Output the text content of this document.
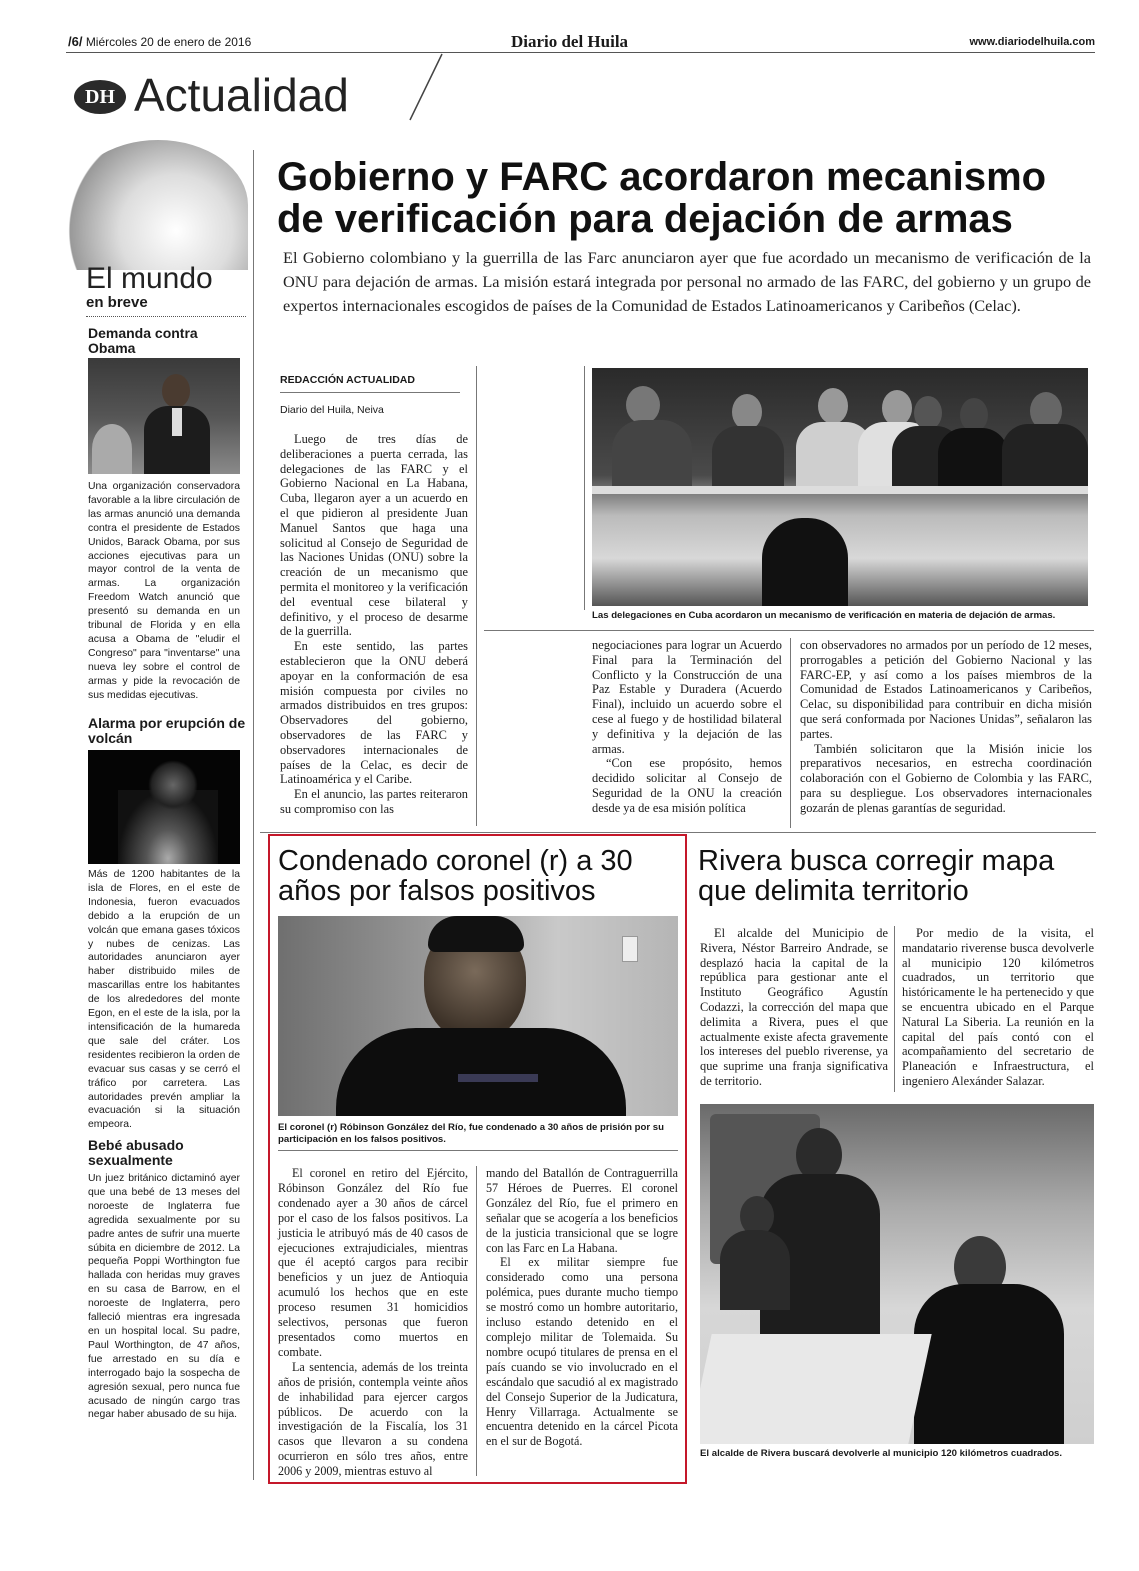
/6/ Miércoles 20 de enero de 2016	Diario del Huila	www.diariodelhuila.com
DH Actualidad
El mundo
en breve
Demanda contra Obama
Una organización conservadora favorable a la libre circulación de las armas anunció una demanda contra el presidente de Estados Unidos, Barack Obama, por sus acciones ejecutivas para un mayor control de la venta de armas. La organización Freedom Watch anunció que presentó su demanda en un tribunal de Florida y en ella acusa a Obama de "eludir el Congreso" para "inventarse" una nueva ley sobre el control de armas y pide la revocación de sus medidas ejecutivas.
Alarma por erupción de volcán
Más de 1200 habitantes de la isla de Flores, en el este de Indonesia, fueron evacuados debido a la erupción de un volcán que emana gases tóxicos y nubes de cenizas. Las autoridades anunciaron ayer haber distribuido miles de mascarillas entre los habitantes de los alrededores del monte Egon, en el este de la isla, por la intensificación de la humareda que sale del cráter. Los residentes recibieron la orden de evacuar sus casas y se cerró el tráfico por carretera. Las autoridades prevén ampliar la evacuación si la situación empeora.
Bebé abusado sexualmente
Un juez británico dictaminó ayer que una bebé de 13 meses del noroeste de Inglaterra fue agredida sexualmente por su padre antes de sufrir una muerte súbita en diciembre de 2012. La pequeña Poppi Worthington fue hallada con heridas muy graves en su casa de Barrow, en el noroeste de Inglaterra, pero falleció mientras era ingresada en un hospital local. Su padre, Paul Worthington, de 47 años, fue arrestado en su día e interrogado bajo la sospecha de agresión sexual, pero nunca fue acusado de ningún cargo tras negar haber abusado de su hija.
Gobierno y FARC acordaron mecanismo
de verificación para dejación de armas
El Gobierno colombiano y la guerrilla de las Farc anunciaron ayer que fue acordado un mecanismo de verificación de la ONU para dejación de armas. La misión estará integrada por personal no armado de las FARC, del gobierno y un grupo de expertos internacionales escogidos de países de la Comunidad de Estados Latinoamericanos y Caribeños (Celac).
REDACCIÓN ACTUALIDAD
Diario del Huila, Neiva

Luego de tres días de deliberaciones a puerta cerrada, las delegaciones de las FARC y el Gobierno Nacional en La Habana, Cuba, llegaron ayer a un acuerdo en el que pidieron al presidente Juan Manuel Santos que haga una solicitud al Consejo de Seguridad de las Naciones Unidas (ONU) sobre la creación de un mecanismo que permita el monitoreo y la verificación del eventual cese bilateral y definitivo, y el proceso de desarme de la guerrilla.

En este sentido, las partes establecieron que la ONU deberá apoyar en la conformación de esa misión compuesta por civiles no armados distribuidos en tres grupos: Observadores del gobierno, observadores de las FARC y observadores internacionales de países de la Celac, es decir de Latinoamérica y el Caribe.

En el anuncio, las partes reiteraron su compromiso con las

Las delegaciones en Cuba acordaron un mecanismo de verificación en materia de dejación de armas.

negociaciones para lograr un Acuerdo Final para la Terminación del Conflicto y la Construcción de una Paz Estable y Duradera (Acuerdo Final), incluido un acuerdo sobre el cese al fuego y de hostilidad bilateral y definitiva y la dejación de las armas.

“Con ese propósito, hemos decidido solicitar al Consejo de Seguridad de la ONU la creación desde ya de esa misión política

con observadores no armados por un período de 12 meses, prorrogables a petición del Gobierno Nacional y las FARC-EP, y así como a los países miembros de la Comunidad de Estados Latinoamericanos y Caribeños, Celac, su disponibilidad para contribuir en dicha misión que será conformada por Naciones Unidas”, señalaron las partes.

También solicitaron que la Misión inicie los preparativos necesarios, en estrecha coordinación colaboración con el Gobierno de Colombia y las FARC, para su despliegue. Los observadores internacionales gozarán de plenas garantías de seguridad.

Condenado coronel (r) a 30 años por falsos positivos
El coronel (r) Róbinson González del Río, fue condenado a 30 años de prisión por su participación en los falsos positivos.

El coronel en retiro del Ejército, Róbinson González del Río fue condenado ayer a 30 años de cárcel por el caso de los falsos positivos. La justicia le atribuyó más de 40 casos de ejecuciones extrajudiciales, mientras que él aceptó cargos para recibir beneficios y un juez de Antioquia acumuló los hechos que en este proceso resumen 31 homicidios selectivos, personas que fueron presentados como muertos en combate.

La sentencia, además de los treinta años de prisión, contempla veinte años de inhabilidad para ejercer cargos públicos. De acuerdo con la investigación de la Fiscalía, los 31 casos que llevaron a su condena ocurrieron en sólo tres años, entre 2006 y 2009, mientras estuvo al

mando del Batallón de Contraguerrilla 57 Héroes de Puerres. El coronel González del Río, fue el primero en señalar que se acogería a los beneficios de la justicia transicional que se logre con las Farc en La Habana.

El ex militar siempre fue considerado como una persona polémica, pues durante mucho tiempo se mostró como un hombre autoritario, incluso estando detenido en el complejo militar de Tolemaida. Su nombre ocupó titulares de prensa en el país cuando se vio involucrado en el escándalo que sacudió al ex magistrado del Consejo Superior de la Judicatura, Henry Villarraga. Actualmente se encuentra detenido en la cárcel Picota en el sur de Bogotá.

Rivera busca corregir mapa que delimita territorio

El alcalde del Municipio de Rivera, Néstor Barreiro Andrade, se desplazó hacia la capital de la república para gestionar ante el Instituto Geográfico Agustín Codazzi, la corrección del mapa que delimita a Rivera, pues el que actualmente existe afecta gravemente los intereses del pueblo riverense, ya que suprime una franja significativa de territorio.

Por medio de la visita, el mandatario riverense busca devolverle al municipio 120 kilómetros cuadrados, un territorio que históricamente le ha pertenecido y que se encuentra ubicado en el Parque Natural La Siberia. La reunión en la capital del país contó con el acompañamiento del secretario de Planeación e Infraestructura, el ingeniero Alexánder Salazar.

El alcalde de Rivera buscará devolverle al municipio 120 kilómetros cuadrados.
